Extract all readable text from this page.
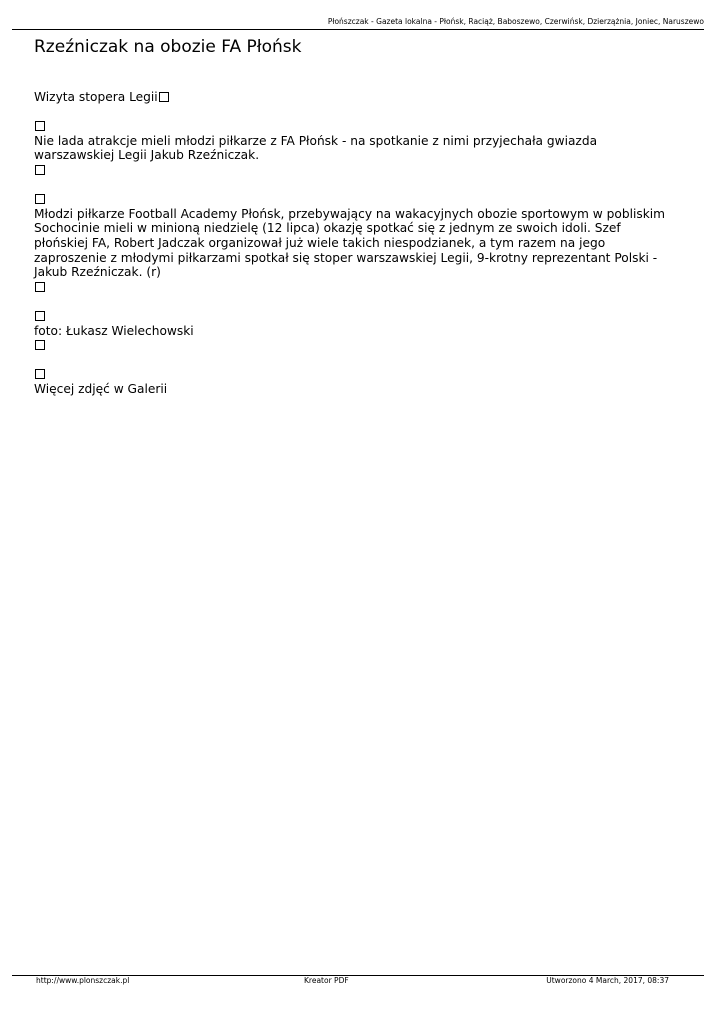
Płońszczak - Gazeta lokalna - Płońsk, Raciąż, Baboszewo, Czerwińsk, Dzierzążnia, Joniec, Naruszewo
Rzeźniczak na obozie FA Płońsk
Wizyta stopera Legii
Nie lada atrakcje mieli młodzi piłkarze z FA Płońsk - na spotkanie z nimi przyjechała gwiazda warszawskiej Legii Jakub Rzeźniczak.
Młodzi piłkarze Football Academy Płońsk, przebywający na wakacyjnych obozie sportowym w pobliskim Sochocinie mieli w minioną niedzielę (12 lipca) okazję spotkać się z jednym ze swoich idoli. Szef płońskiej FA, Robert Jadczak organizował już wiele takich niespodzianek, a tym razem na jego zaproszenie z młodymi piłkarzami spotkał się stoper warszawskiej Legii, 9-krotny reprezentant Polski - Jakub Rzeźniczak. (r)
foto: Łukasz Wielechowski
Więcej zdjęć w Galerii
http://www.plonszczak.pl	Kreator PDF	Utworzono 4 March, 2017, 08:37
